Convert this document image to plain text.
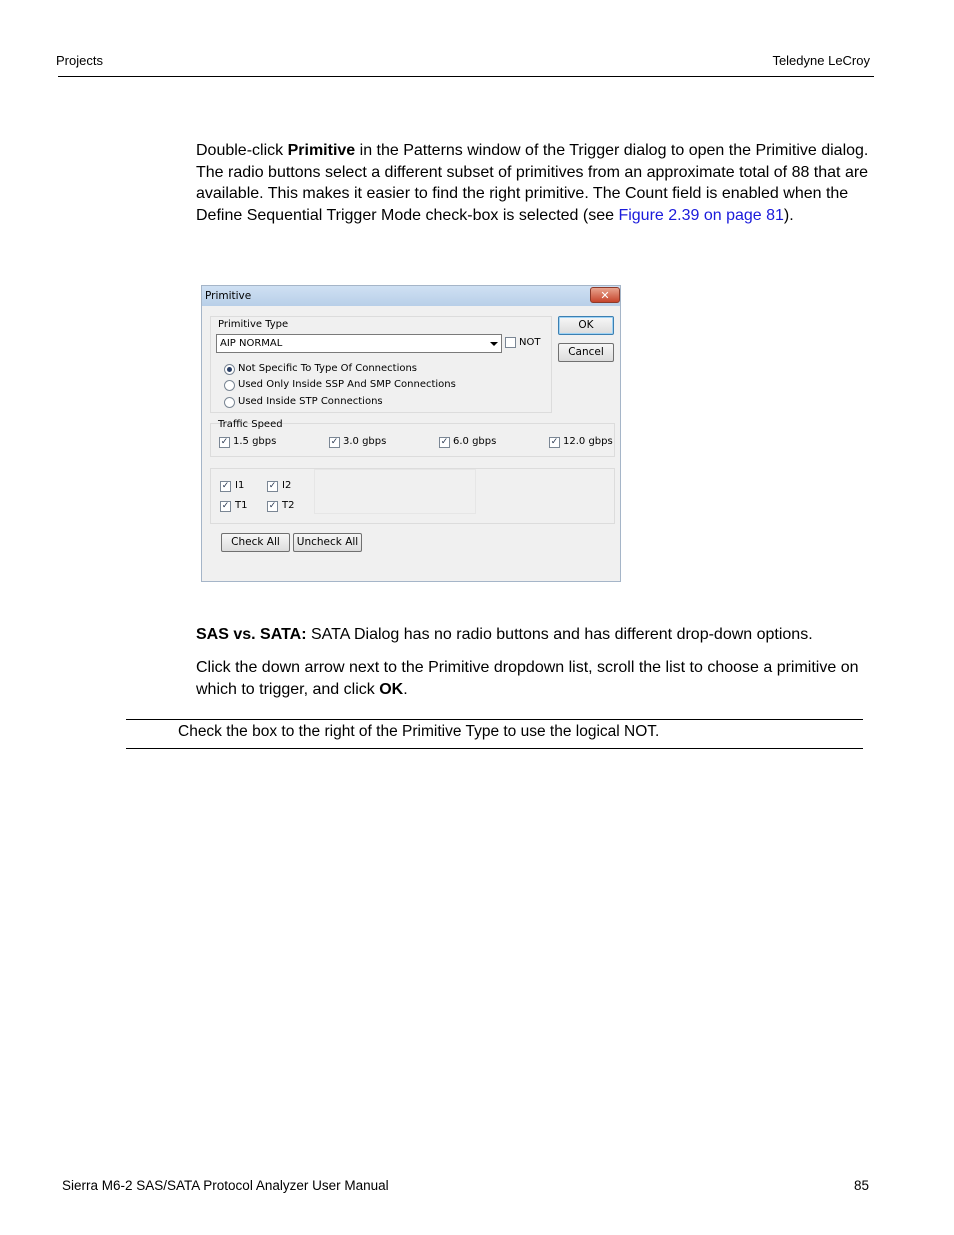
Projects	Teledyne LeCroy
Double-click Primitive in the Patterns window of the Trigger dialog to open the Primitive dialog. The radio buttons select a different subset of primitives from an approximate total of 88 that are available. This makes it easier to find the right primitive. The Count field is enabled when the Define Sequential Trigger Mode check-box is selected (see Figure 2.39 on page 81).
Primitive	✕
Primitive Type
AIP NORMAL	NOT
Not Specific To Type Of Connections
Used Only Inside SSP And SMP Connections
Used Inside STP Connections
OK
Cancel
Traffic Speed
✓ 1.5 gbps	✓ 3.0 gbps	✓ 6.0 gbps	✓ 12.0 gbps
✓ I1	✓ I2
✓ T1 ✓ T2
Check All	Uncheck All
SAS vs. SATA: SATA Dialog has no radio buttons and has different drop-down options.
Click the down arrow next to the Primitive dropdown list, scroll the list to choose a primitive on which to trigger, and click OK.
Check the box to the right of the Primitive Type to use the logical NOT.
Sierra M6-2 SAS/SATA Protocol Analyzer User Manual	85
